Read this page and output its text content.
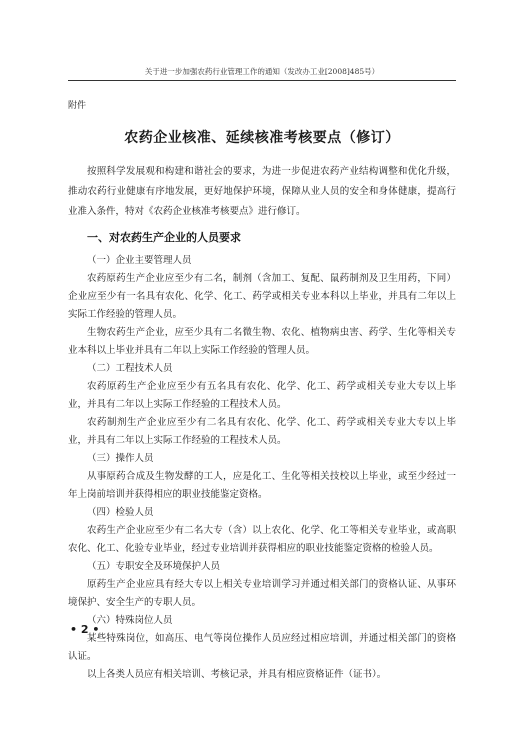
关于进一步加强农药行业管理工作的通知（发改办工业[2008]485号）

附件

农药企业核准、延续核准考核要点（修订）

按照科学发展观和构建和谐社会的要求，为进一步促进农药产业结构调整和优化升级，推动农药行业健康有序地发展，更好地保护环境，保障从业人员的安全和身体健康，提高行业准入条件，特对《农药企业核准考核要点》进行修订。

一、对农药生产企业的人员要求

（一）企业主要管理人员

农药原药生产企业应至少有二名，制剂（含加工、复配、鼠药制剂及卫生用药，下同）企业应至少有一名具有农化、化学、化工、药学或相关专业本科以上毕业，并具有二年以上实际工作经验的管理人员。

生物农药生产企业，应至少具有二名微生物、农化、植物病虫害、药学、生化等相关专业本科以上毕业并具有二年以上实际工作经验的管理人员。

（二）工程技术人员

农药原药生产企业应至少有五名具有农化、化学、化工、药学或相关专业大专以上毕业，并具有二年以上实际工作经验的工程技术人员。

农药制剂生产企业应至少有二名具有农化、化学、化工、药学或相关专业大专以上毕业，并具有二年以上实际工作经验的工程技术人员。

（三）操作人员

从事原药合成及生物发酵的工人，应是化工、生化等相关技校以上毕业，或至少经过一年上岗前培训并获得相应的职业技能鉴定资格。

（四）检验人员

农药生产企业应至少有二名大专（含）以上农化、化学、化工等相关专业毕业，或高职农化、化工、化验专业毕业，经过专业培训并获得相应的职业技能鉴定资格的检验人员。

（五）专职安全及环境保护人员

原药生产企业应具有经大专以上相关专业培训学习并通过相关部门的资格认证、从事环境保护、安全生产的专职人员。

（六）特殊岗位人员

某些特殊岗位，如高压、电气等岗位操作人员应经过相应培训，并通过相关部门的资格认证。

以上各类人员应有相关培训、考核记录，并具有相应资格证件（证书）。

• 2 •
